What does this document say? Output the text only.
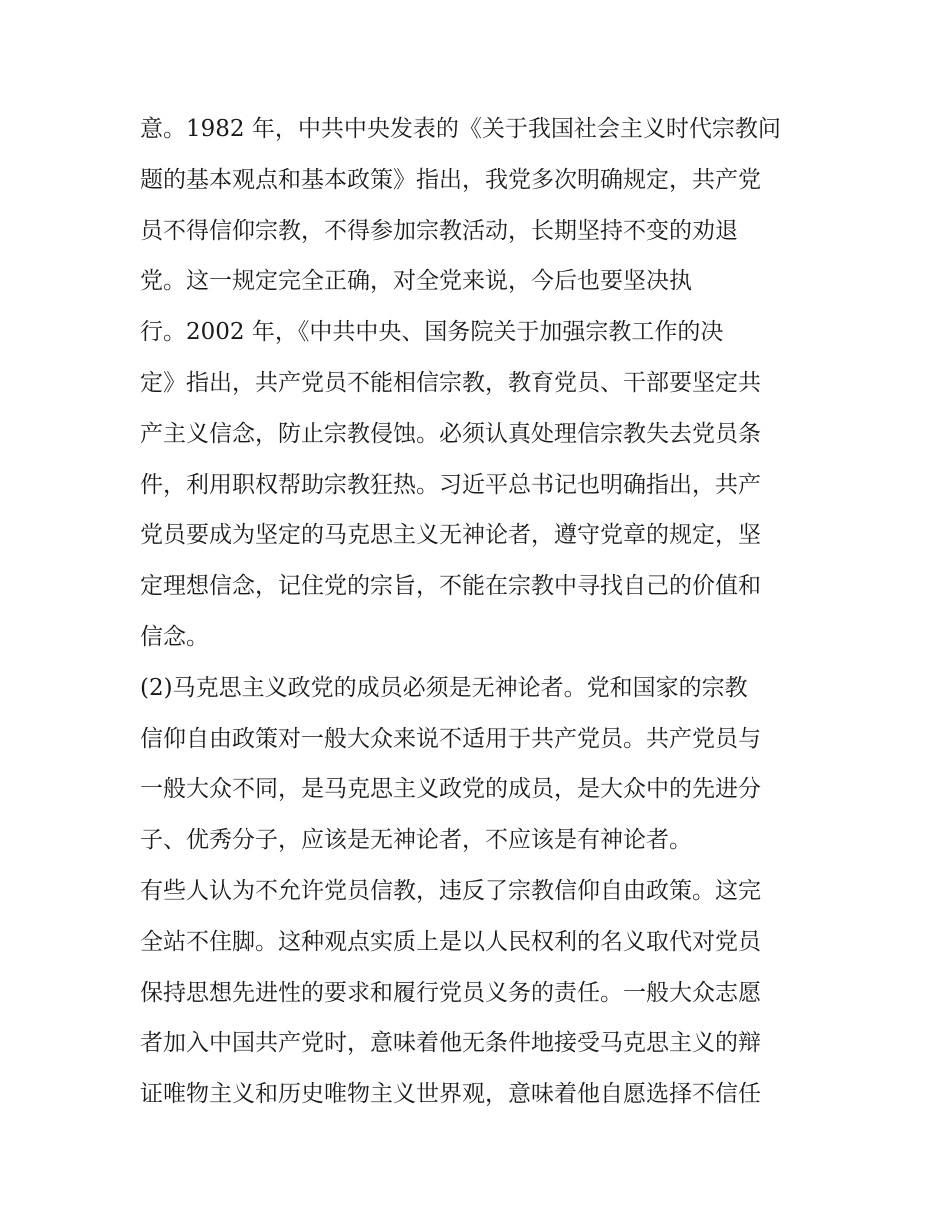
意。1982 年，中共中央发表的《关于我国社会主义时代宗教问
题的基本观点和基本政策》指出，我党多次明确规定，共产党
员不得信仰宗教，不得参加宗教活动，长期坚持不变的劝退
党。这一规定完全正确，对全党来说，今后也要坚决执
行。2002 年，《中共中央、国务院关于加强宗教工作的决
定》指出，共产党员不能相信宗教，教育党员、干部要坚定共
产主义信念，防止宗教侵蚀。必须认真处理信宗教失去党员条
件，利用职权帮助宗教狂热。习近平总书记也明确指出，共产
党员要成为坚定的马克思主义无神论者，遵守党章的规定，坚
定理想信念，记住党的宗旨，不能在宗教中寻找自己的价值和
信念。
(2)马克思主义政党的成员必须是无神论者。党和国家的宗教
信仰自由政策对一般大众来说不适用于共产党员。共产党员与
一般大众不同，是马克思主义政党的成员，是大众中的先进分
子、优秀分子，应该是无神论者，不应该是有神论者。
有些人认为不允许党员信教，违反了宗教信仰自由政策。这完
全站不住脚。这种观点实质上是以人民权利的名义取代对党员
保持思想先进性的要求和履行党员义务的责任。一般大众志愿
者加入中国共产党时，意味着他无条件地接受马克思主义的辩
证唯物主义和历史唯物主义世界观，意味着他自愿选择不信任
